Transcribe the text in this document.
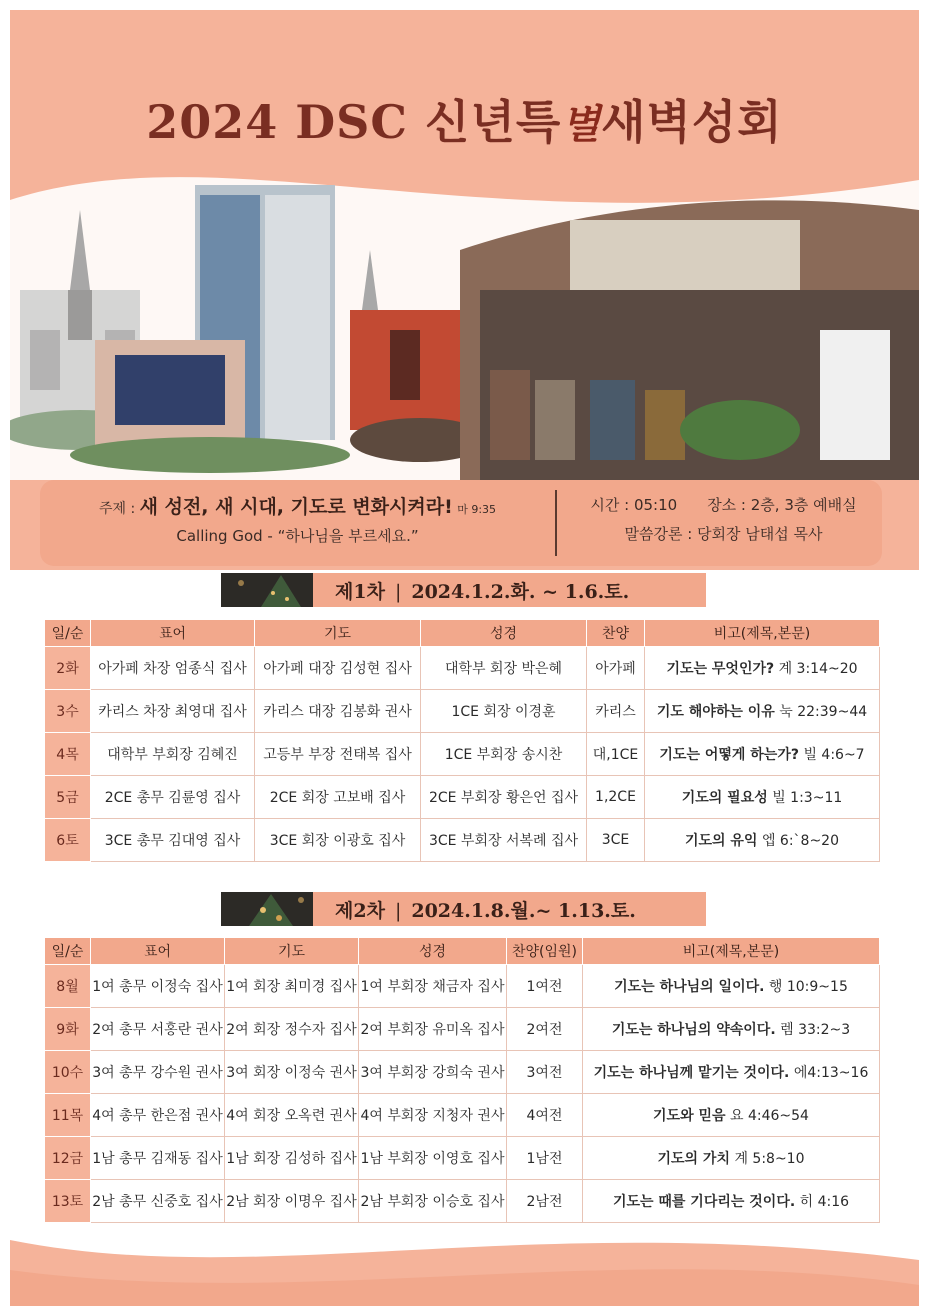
2024 DSC 신년특별새벽성회
주제 : 새 성전, 새 시대, 기도로 변화시켜라! 마 9:35
Calling God - “하나님을 부르세요.”
시간 : 05:10　　장소 : 2층, 3층 예배실
말씀강론 : 당회장 남태섭 목사
제1차 | 2024.1.2.화. ~ 1.6.토.
일/순	표어	기도	성경	찬양	비고(제목,본문)
2화	아가페 차장 엄종식 집사	아가페 대장 김성현 집사	대학부 회장 박은혜	아가페	기도는 무엇인가? 계 3:14~20
3수	카리스 차장 최영대 집사	카리스 대장 김봉화 권사	1CE 회장 이경훈	카리스	기도 해야하는 이유 눅 22:39~44
4목	대학부 부회장 김혜진	고등부 부장 전태복 집사	1CE 부회장 송시찬	대,1CE	기도는 어떻게 하는가? 빌 4:6~7
5금	2CE 총무 김륜영 집사	2CE 회장 고보배 집사	2CE 부회장 황은언 집사	1,2CE	기도의 필요성 빌 1:3~11
6토	3CE 총무 김대영 집사	3CE 회장 이광호 집사	3CE 부회장 서복례 집사	3CE	기도의 유익 엡 6:`8~20
제2차 | 2024.1.8.월.~ 1.13.토.
일/순	표어	기도	성경	찬양(임원)	비고(제목,본문)
8월	1여 총무 이정숙 집사	1여 회장 최미경 집사	1여 부회장 채금자 집사	1여전	기도는 하나님의 일이다. 행 10:9~15
9화	2여 총무 서홍란 권사	2여 회장 정수자 집사	2여 부회장 유미옥 집사	2여전	기도는 하나님의 약속이다. 렘 33:2~3
10수	3여 총무 강수원 권사	3여 회장 이정숙 권사	3여 부회장 강희숙 권사	3여전	기도는 하나님께 맡기는 것이다. 에4:13~16
11목	4여 총무 한은점 권사	4여 회장 오옥련 권사	4여 부회장 지청자 권사	4여전	기도와 믿음 요 4:46~54
12금	1남 총무 김재동 집사	1남 회장 김성하 집사	1남 부회장 이영호 집사	1남전	기도의 가치 계 5:8~10
13토	2남 총무 신중호 집사	2남 회장 이명우 집사	2남 부회장 이승호 집사	2남전	기도는 때를 기다리는 것이다. 히 4:16
